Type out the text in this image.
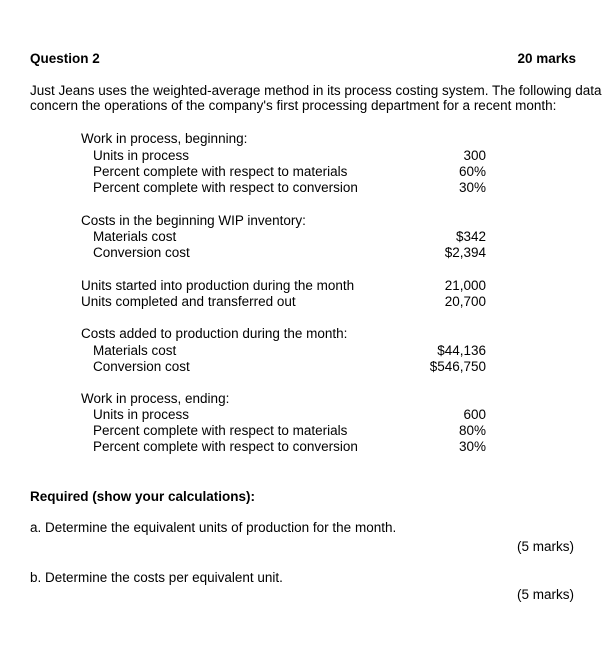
Question 2	20 marks
Just Jeans uses the weighted-average method in its process costing system. The following data
concern the operations of the company's first processing department for a recent month:
Work in process, beginning:
Units in process	300
Percent complete with respect to materials	60%
Percent complete with respect to conversion	30%
Costs in the beginning WIP inventory:
Materials cost	$342
Conversion cost	$2,394
Units started into production during the month	21,000
Units completed and transferred out	20,700
Costs added to production during the month:
Materials cost	$44,136
Conversion cost	$546,750
Work in process, ending:
Units in process	600
Percent complete with respect to materials	80%
Percent complete with respect to conversion	30%
Required (show your calculations):
a. Determine the equivalent units of production for the month.
(5 marks)
b. Determine the costs per equivalent unit.
(5 marks)
